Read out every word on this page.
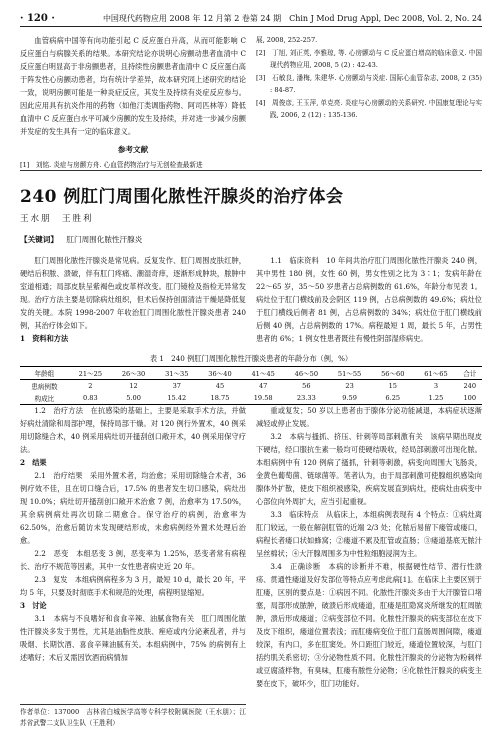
· 120 ·	中国现代药物应用 2008 年 12 月第 2 卷第 24 期　Chin J Mod Drug Appl, Dec 2008, Vol. 2, No. 24

血管病病中国等有向功能引起 C 反应蛋白升高，从而可能影响 C 反应蛋白与病腺关系的结果。本研究结论亦说明心房颤动患者血清中 C 反应蛋白明显高于非房颤患者，且持续性房颤患者血清中 C 反应蛋白高于阵发性心房颤动患者，均有统计学差异，故本研究同上述研究的结论一致，说明房颤可能是一种炎症反应，其发生及持续有炎症反应参与。因此应用具有抗炎作用的药物（如他汀类调脂药物、阿司匹林等）降低血清中 C 反应蛋白水平可减少房颤的发生及持续，并对进一步减少房颤并发症的发生具有一定的临床意义。

参考文献
[1]　刘铭. 炎症与房颤方舟. 心血管药物治疗与无创检查最新进
展, 2008, 252-257.
[2]　丁旭, 刘正英, 李雅琼, 等. 心房颤动与 C 反应蛋白增高的临床意义. 中国现代药物应用, 2008, 5 (2) : 42-43.
[3]　石敏良, 潘梅, 朱建华. 心房颤动与炎症. 国际心血管杂志, 2008, 2 (35) : 84-87.
[4]　周俊彦, 王玉萍, 单克亮. 炎症与心房颤动的关系研究. 中国康复理论与实践, 2006, 2 (12) : 135-136.
240 例肛门周围化脓性汗腺炎的治疗体会
王水朋　王胜利
【关键词】 肛门周围化脓性汗腺炎

肛门周围化脓性汗腺炎是常见病。反复发作、肛门周围皮肤红肿，硬结后积脓、溃破，伴有肛门疼痛、潮湿奇痒，逐渐形成肿块，脓肿中室道相通；局部皮肤呈紫褐色或皮革样改变。肛门镜检及指检无异常发现。治疗方法主要是切除病灶组织，但术后保持创面清洁干燥是降低复发的关键。本院 1998-2007 年收治肛门周围化脓性汗腺炎患者 240 例，其治疗体会如下。

1　资料和方法

1.1　临床资料　10 年间共治疗肛门周围化脓性汗腺炎 240 例，其中男性 180 例，女性 60 例，男女性别之比为 3∶1；发病年龄在 22～65 岁，35～50 岁患者占总病例数的 61.6%，年龄分布见表 1。病灶位于肛门横线前及会阴区 119 例，占总病例数的 49.6%；病灶位于肛门横线后侧者 81 例，占总病例数的 34%；病灶位于肛门横线前后侧 40 例，占总病例数的 17%。病程最短 1 周，最长 5 年，占男性患者的 6%；1 例女性患者既往有慢性阴部湿疹病史。

表 1　240 例肛门周围化脓性汗腺炎患者的年龄分布（例，%）
年龄组	21～25	26～30	31～35	36～40	41～45	46～50	51～55	56～60	61～65	合计
患病例数	2	12	37	45	47	56	23	15	3	240
构成比	0.83	5.00	15.42	18.75	19.58	23.33	9.59	6.25	1.25	100

1.2　治疗方法　在抗感染的基础上，主要是采取手术方法，并做好病灶清除和局部护理，保持局部干燥。对 120 例行外置术，40 例采用切除缝合术，40 例采用病灶切开搔刮创口敞开术，40 例采用保守疗法。

2　结果

2.1　治疗结果　采用外置术者，均治愈；采用切除缝合术者，36 例疗效不佳，且在切口缝合后，17.5% 的患者发生切口感染，病灶出现 10.0%；病灶切开搔刮创口敞开术治愈 7 例，治愈率为 17.50%，其余病例病灶再次切除二期愈合。保守治疗的病例，治愈率为 62.50%，治愈后随访未发现硬结形成，未愈病例经外置术处理后治愈。

2.2　恶变　本组恶变 3 例，恶变率为 1.25%，恶变者常有病程长、治疗不规范等因素，其中一女性患者病史近 20 年。

2.3　复发　本组病例病程多为 3 月，最短 10 d，最长 20 年，平均 5 年，只要及时彻底手术和规范的处理，病程明显缩短。

3　讨论

3.1　本病与不良嗜好和食食辛辣、油腻食物有关　肛门周围化脓性汗腺炎多发于男性，尤其是油脂性皮肤、痤疮或内分泌紊乱者，并与吸烟、长期饮酒、喜食辛辣油腻有关。本组病例中，75% 的病例有上述嗜好；术后叉需因饮酒而病情加

作者单位：137000　吉林省白城医学高等专科学校附属医院（王水朋）；江苏省武警二支队卫生队（王胜利）

重或复发；50 岁以上患者由于腺体分泌功能减退，本病症状逐渐减轻或停止发展。

3.2　本病与搔抓、挤压、针刺等局部刺激有关　该病早期出现皮下硬结，经口服抗生素一般均可使硬结吸收，经局部刺激可出现化脓。本组病例中有 120 例病了搔抓，针刺等刺激，病变向周围大飞肠炎，金黄色葡萄菌、链球菌等。笔者认为，由于局部刺激可使腺组织感染向腺体外扩散，使皮下组织被感染，疾病发展直到病灶，使病灶由病变中心部位向外周扩大，应当引起重视。

3.3　临床特点　从临床上，本组病例表现有 4 个特点：①病灶离肛门较远，一般在解剖肛管的近端 2/3 处；化脓后易留下瘘管或瘘口，病程长者瘘口状如蜂窝；②瘘道不累及肛管或直肠；③瘘道基底无脓汁呈丝棉状；④大汗腺周围多为中性粒细胞浸润为主。

3.4　正确诊断　本病的诊断并不难，根据硬性结节、潜行性溃疡、贯通性瘘道及好发部位等特点应考虑此病[1]。在临床上主要区别于肛瘘，区别的要点是：①病因不同。化脓性汗腺炎多由于大汗腺管口堵塞，局部形成脓肿，破溃后形成瘘道，肛瘘是肛隐窝炎所继发的肛周脓肿，溃后形成瘘道；②病变部位不同。化脓性汗腺炎的病变部位在皮下及皮下组织，瘘道位置表浅；而肛瘘病变位于肛门直肠周围间隙，瘘道较深，有内口，多在肛窦处。外口距肛门较近，瘘道位置较深，与肛门括约肌关系密切；③分泌物性质不同。化脓性汗腺炎的分泌物为粉刺样或豆腐渣样物，有臭味，肛瘘有脓性分泌物；④化脓性汗腺炎的病变主要在皮下，破坏少，肛门功能好。
